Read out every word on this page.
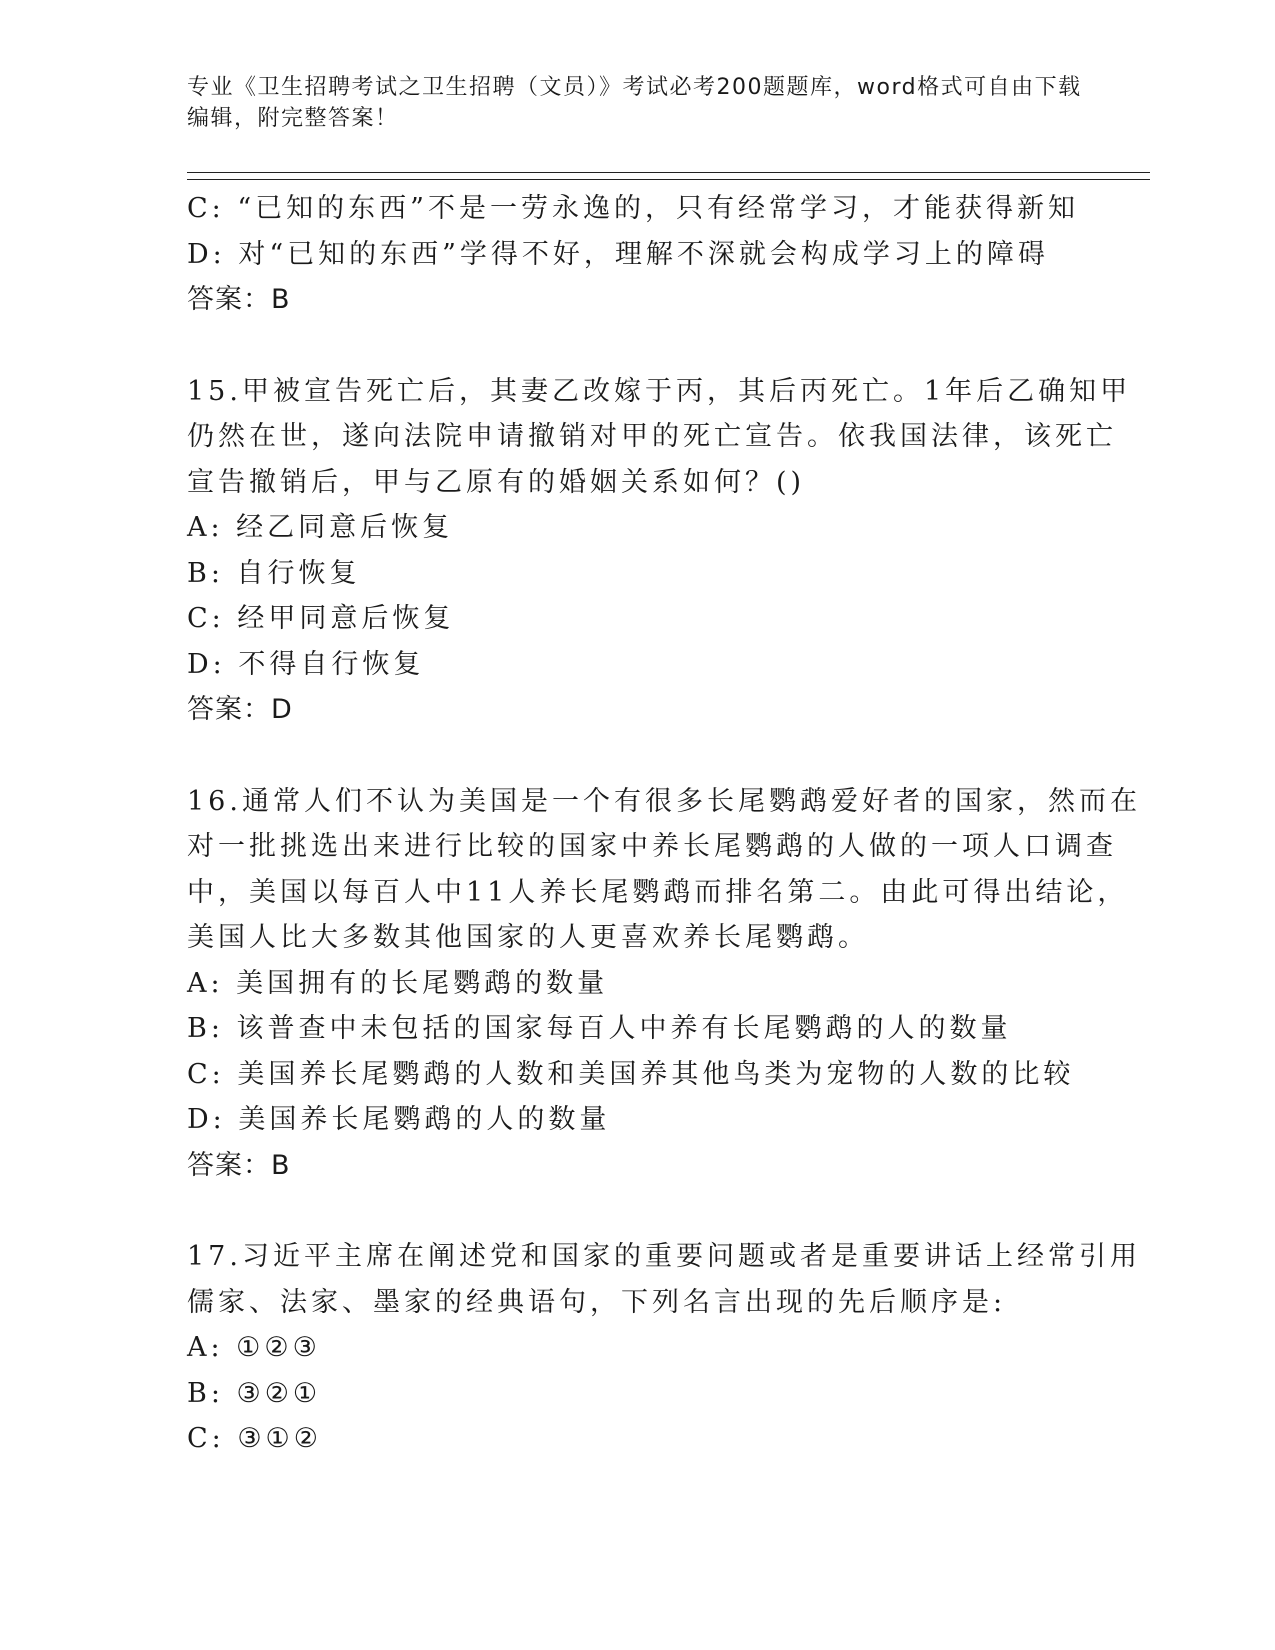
专业《卫生招聘考试之卫生招聘（文员）》考试必考200题题库，word格式可自由下载编辑，附完整答案！
C: “已知的东西”不是一劳永逸的，只有经常学习，才能获得新知
D: 对“已知的东西”学得不好，理解不深就会构成学习上的障碍
答案：B
15.甲被宣告死亡后，其妻乙改嫁于丙，其后丙死亡。1年后乙确知甲
仍然在世，遂向法院申请撤销对甲的死亡宣告。依我国法律，该死亡
宣告撤销后，甲与乙原有的婚姻关系如何？()
A: 经乙同意后恢复
B: 自行恢复
C: 经甲同意后恢复
D: 不得自行恢复
答案：D
16.通常人们不认为美国是一个有很多长尾鹦鹉爱好者的国家，然而在
对一批挑选出来进行比较的国家中养长尾鹦鹉的人做的一项人口调查
中，美国以每百人中11人养长尾鹦鹉而排名第二。由此可得出结论，
美国人比大多数其他国家的人更喜欢养长尾鹦鹉。
A: 美国拥有的长尾鹦鹉的数量
B: 该普查中未包括的国家每百人中养有长尾鹦鹉的人的数量
C: 美国养长尾鹦鹉的人数和美国养其他鸟类为宠物的人数的比较
D: 美国养长尾鹦鹉的人的数量
答案：B
17.习近平主席在阐述党和国家的重要问题或者是重要讲话上经常引用
儒家、法家、墨家的经典语句，下列名言出现的先后顺序是:
A: ①②③
B: ③②①
C: ③①②
